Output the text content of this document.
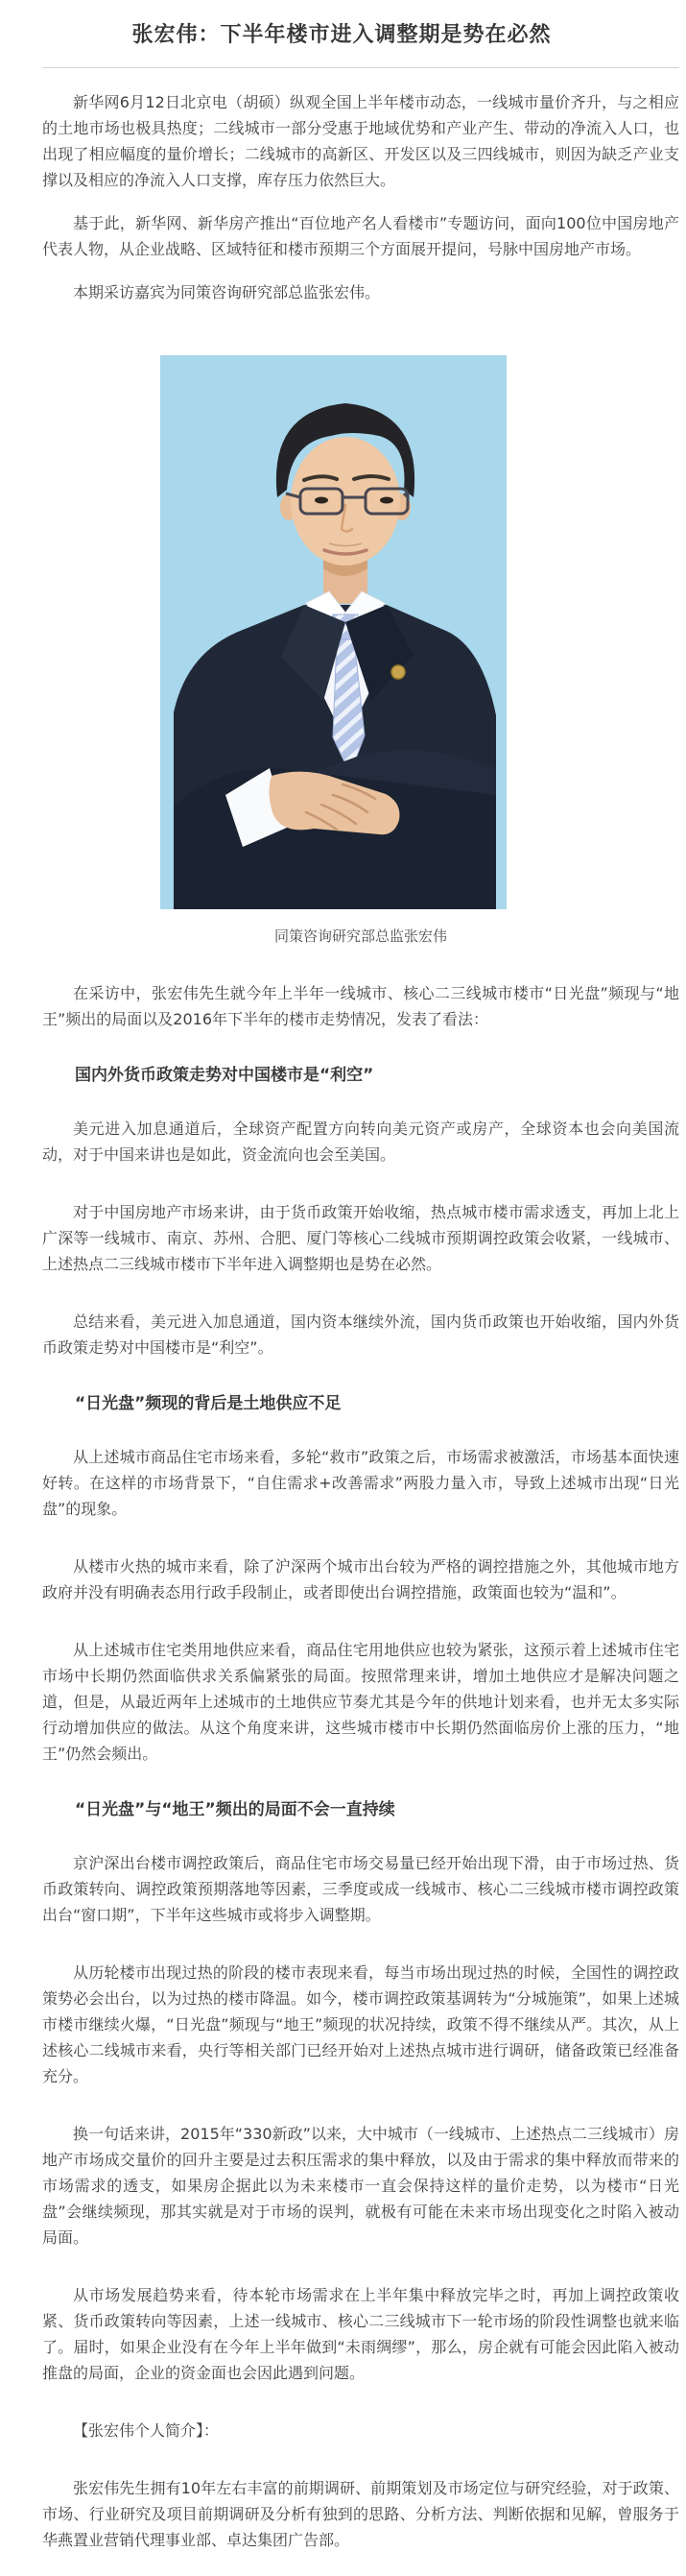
张宏伟：下半年楼市进入调整期是势在必然

新华网6月12日北京电（胡硕）纵观全国上半年楼市动态，一线城市量价齐升，与之相应的土地市场也极具热度；二线城市一部分受惠于地域优势和产业产生、带动的净流入人口，也出现了相应幅度的量价增长；二线城市的高新区、开发区以及三四线城市，则因为缺乏产业支撑以及相应的净流入人口支撑，库存压力依然巨大。

基于此，新华网、新华房产推出“百位地产名人看楼市”专题访问，面向100位中国房地产代表人物，从企业战略、区域特征和楼市预期三个方面展开提问，号脉中国房地产市场。

本期采访嘉宾为同策咨询研究部总监张宏伟。

同策咨询研究部总监张宏伟

在采访中，张宏伟先生就今年上半年一线城市、核心二三线城市楼市“日光盘”频现与“地王”频出的局面以及2016年下半年的楼市走势情况，发表了看法：

国内外货币政策走势对中国楼市是“利空”

美元进入加息通道后，全球资产配置方向转向美元资产或房产，全球资本也会向美国流动，对于中国来讲也是如此，资金流向也会至美国。

对于中国房地产市场来讲，由于货币政策开始收缩，热点城市楼市需求透支，再加上北上广深等一线城市、南京、苏州、合肥、厦门等核心二线城市预期调控政策会收紧，一线城市、上述热点二三线城市楼市下半年进入调整期也是势在必然。

总结来看，美元进入加息通道，国内资本继续外流，国内货币政策也开始收缩，国内外货币政策走势对中国楼市是“利空”。

“日光盘”频现的背后是土地供应不足

从上述城市商品住宅市场来看，多轮“救市”政策之后，市场需求被激活，市场基本面快速好转。在这样的市场背景下，“自住需求+改善需求”两股力量入市，导致上述城市出现“日光盘”的现象。

从楼市火热的城市来看，除了沪深两个城市出台较为严格的调控措施之外，其他城市地方政府并没有明确表态用行政手段制止，或者即使出台调控措施，政策面也较为“温和”。

从上述城市住宅类用地供应来看，商品住宅用地供应也较为紧张，这预示着上述城市住宅市场中长期仍然面临供求关系偏紧张的局面。按照常理来讲，增加土地供应才是解决问题之道，但是，从最近两年上述城市的土地供应节奏尤其是今年的供地计划来看，也并无太多实际行动增加供应的做法。从这个角度来讲，这些城市楼市中长期仍然面临房价上涨的压力，“地王”仍然会频出。

“日光盘”与“地王”频出的局面不会一直持续

京沪深出台楼市调控政策后，商品住宅市场交易量已经开始出现下滑，由于市场过热、货币政策转向、调控政策预期落地等因素，三季度或成一线城市、核心二三线城市楼市调控政策出台“窗口期”，下半年这些城市或将步入调整期。

从历轮楼市出现过热的阶段的楼市表现来看，每当市场出现过热的时候，全国性的调控政策势必会出台，以为过热的楼市降温。如今，楼市调控政策基调转为“分城施策”，如果上述城市楼市继续火爆，“日光盘”频现与“地王”频现的状况持续，政策不得不继续从严。其次，从上述核心二线城市来看，央行等相关部门已经开始对上述热点城市进行调研，储备政策已经准备充分。

换一句话来讲，2015年“330新政”以来，大中城市（一线城市、上述热点二三线城市）房地产市场成交量价的回升主要是过去积压需求的集中释放，以及由于需求的集中释放而带来的市场需求的透支，如果房企据此以为未来楼市一直会保持这样的量价走势，以为楼市“日光盘”会继续频现，那其实就是对于市场的误判，就极有可能在未来市场出现变化之时陷入被动局面。

从市场发展趋势来看，待本轮市场需求在上半年集中释放完毕之时，再加上调控政策收紧、货币政策转向等因素，上述一线城市、核心二三线城市下一轮市场的阶段性调整也就来临了。届时，如果企业没有在今年上半年做到“未雨绸缪”，那么，房企就有可能会因此陷入被动推盘的局面，企业的资金面也会因此遇到问题。

【张宏伟个人简介】：

张宏伟先生拥有10年左右丰富的前期调研、前期策划及市场定位与研究经验，对于政策、市场、行业研究及项目前期调研及分析有独到的思路、分析方法、判断依据和见解，曾服务于华燕置业营销代理事业部、卓达集团广告部。
